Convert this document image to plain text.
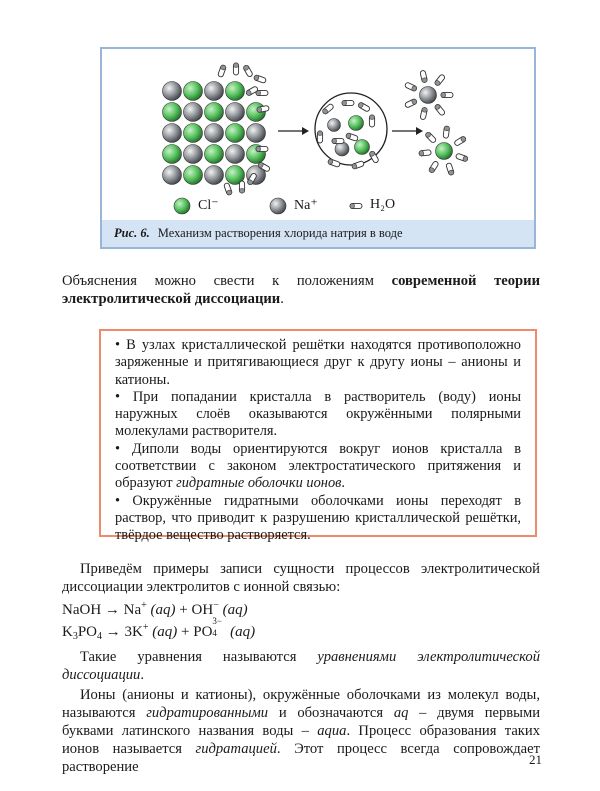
Cl⁻	Na⁺	H₂O
Рис. 6. Механизм растворения хлорида натрия в воде

Объяснения можно свести к положениям современной теории электролитической диссоциации.

• В узлах кристаллической решётки находятся противоположно заряженные и притягивающиеся друг к другу ионы – анионы и катионы.

• При попадании кристалла в растворитель (воду) ионы наружных слоёв оказываются окружёнными полярными молекулами растворителя.

• Диполи воды ориентируются вокруг ионов кристалла в соответствии с законом электростатического притяжения и образуют гидратные оболочки ионов.

• Окружённые гидратными оболочками ионы переходят в раствор, что приводит к разрушению кристаллической решётки, твёрдое вещество растворяется.

Приведём примеры записи сущности процессов электролитической диссоциации электролитов с ионной связью:

NaOH → Na+ (aq) + OH− (aq)
$K_3PO_4 \to 3K^+$ (aq) + PO
3−
4 (aq)

Такие уравнения называются уравнениями электролитической диссоциации.

Ионы (анионы и катионы), окружённые оболочками из молекул воды, называются гидратированными и обозначаются aq – двумя первыми буквами латинского названия воды – aqua. Процесс образования таких ионов называется гидратацией. Этот процесс всегда сопровождает растворение	21
